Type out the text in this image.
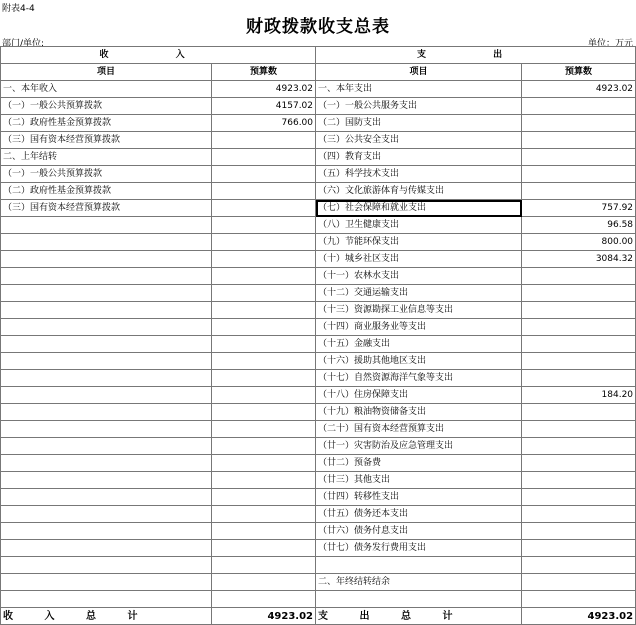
附表4-4
财政拨款收支总表
部门/单位:	单位：万元
收 入		支 出	
项目	预算数	项目	预算数
一、本年收入	4923.02	一、本年支出	4923.02
（一）一般公共预算拨款	4157.02	（一）一般公共服务支出	
（二）政府性基金预算拨款	766.00	（二）国防支出	
（三）国有资本经营预算拨款		（三）公共安全支出	
二、上年结转		（四）教育支出	
（一）一般公共预算拨款		（五）科学技术支出	
（二）政府性基金预算拨款		（六）文化旅游体育与传媒支出	
（三）国有资本经营预算拨款		（七）社会保障和就业支出	757.92
		（八）卫生健康支出	96.58
		（九）节能环保支出	800.00
		（十）城乡社区支出	3084.32
		（十一）农林水支出	
		（十二）交通运输支出	
		（十三）资源勘探工业信息等支出	
		（十四）商业服务业等支出	
		（十五）金融支出	
		（十六）援助其他地区支出	
		（十七）自然资源海洋气象等支出	
		（十八）住房保障支出	184.20
		（十九）粮油物资储备支出	
		（二十）国有资本经营预算支出	
		（廿一）灾害防治及应急管理支出	
		（廿二）预备费	
		（廿三）其他支出	
		（廿四）转移性支出	
		（廿五）债务还本支出	
		（廿六）债务付息支出	
		（廿七）债务发行费用支出	

		二、年终结转结余	

收 入 总 计	4923.02	支 出 总 计	4923.02
